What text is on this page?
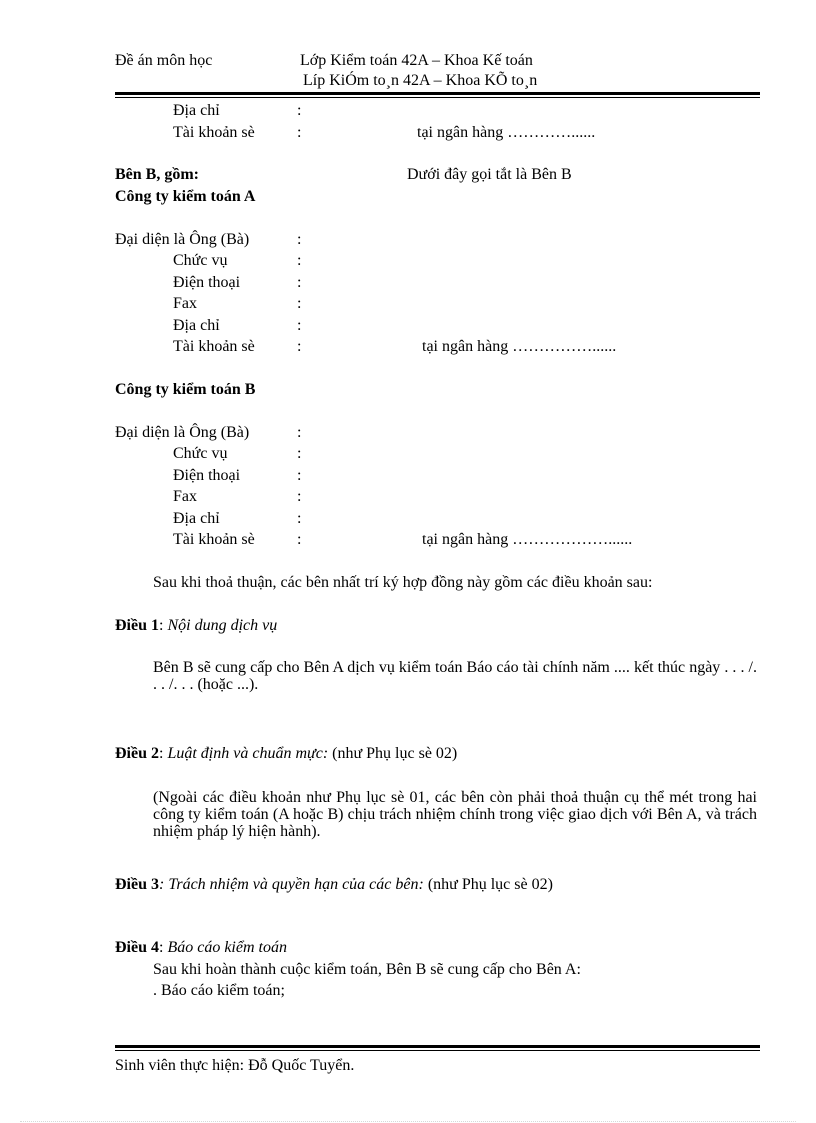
Đề án môn học	Lớp Kiểm toán 42A – Khoa Kế toán
Líp KiÓm to¸n 42A – Khoa KÕ to¸n
Địa chỉ	:
Tài khoản sè	:	tại ngân hàng …………......
Bên B, gồm:	Dưới đây gọi tắt là Bên B
Công ty kiểm toán A
Đại diện là Ông (Bà)	:
Chức vụ	:
Điện thoại	:
Fax	:
Địa chỉ	:
Tài khoản sè	:	tại ngân hàng ……………......
Công ty kiểm toán B
Đại diện là Ông (Bà)	:
Chức vụ	:
Điện thoại	:
Fax	:
Địa chỉ	:
Tài khoản sè	:	tại ngân hàng ………………......
Sau khi thoả thuận, các bên nhất trí ký hợp đồng này gồm các điều khoản sau:
Điều 1: Nội dung dịch vụ
Bên B sẽ cung cấp cho Bên A dịch vụ kiểm toán Báo cáo tài chính năm .... kết thúc ngày . . . /. . . /. . . (hoặc ...).
Điều 2: Luật định và chuẩn mực: (như Phụ lục sè 02)
(Ngoài các điều khoản như Phụ lục sè 01, các bên còn phải thoả thuận cụ thể mét trong hai công ty kiểm toán (A hoặc B) chịu trách nhiệm chính trong việc giao dịch với Bên A, và trách nhiệm pháp lý hiện hành).
Điều 3: Trách nhiệm và quyền hạn của các bên: (như Phụ lục sè 02)
Điều 4: Báo cáo kiểm toán
Sau khi hoàn thành cuộc kiểm toán, Bên B sẽ cung cấp cho Bên A:
. Báo cáo kiểm toán;
Sinh viên thực hiện: Đỗ Quốc Tuyển.
